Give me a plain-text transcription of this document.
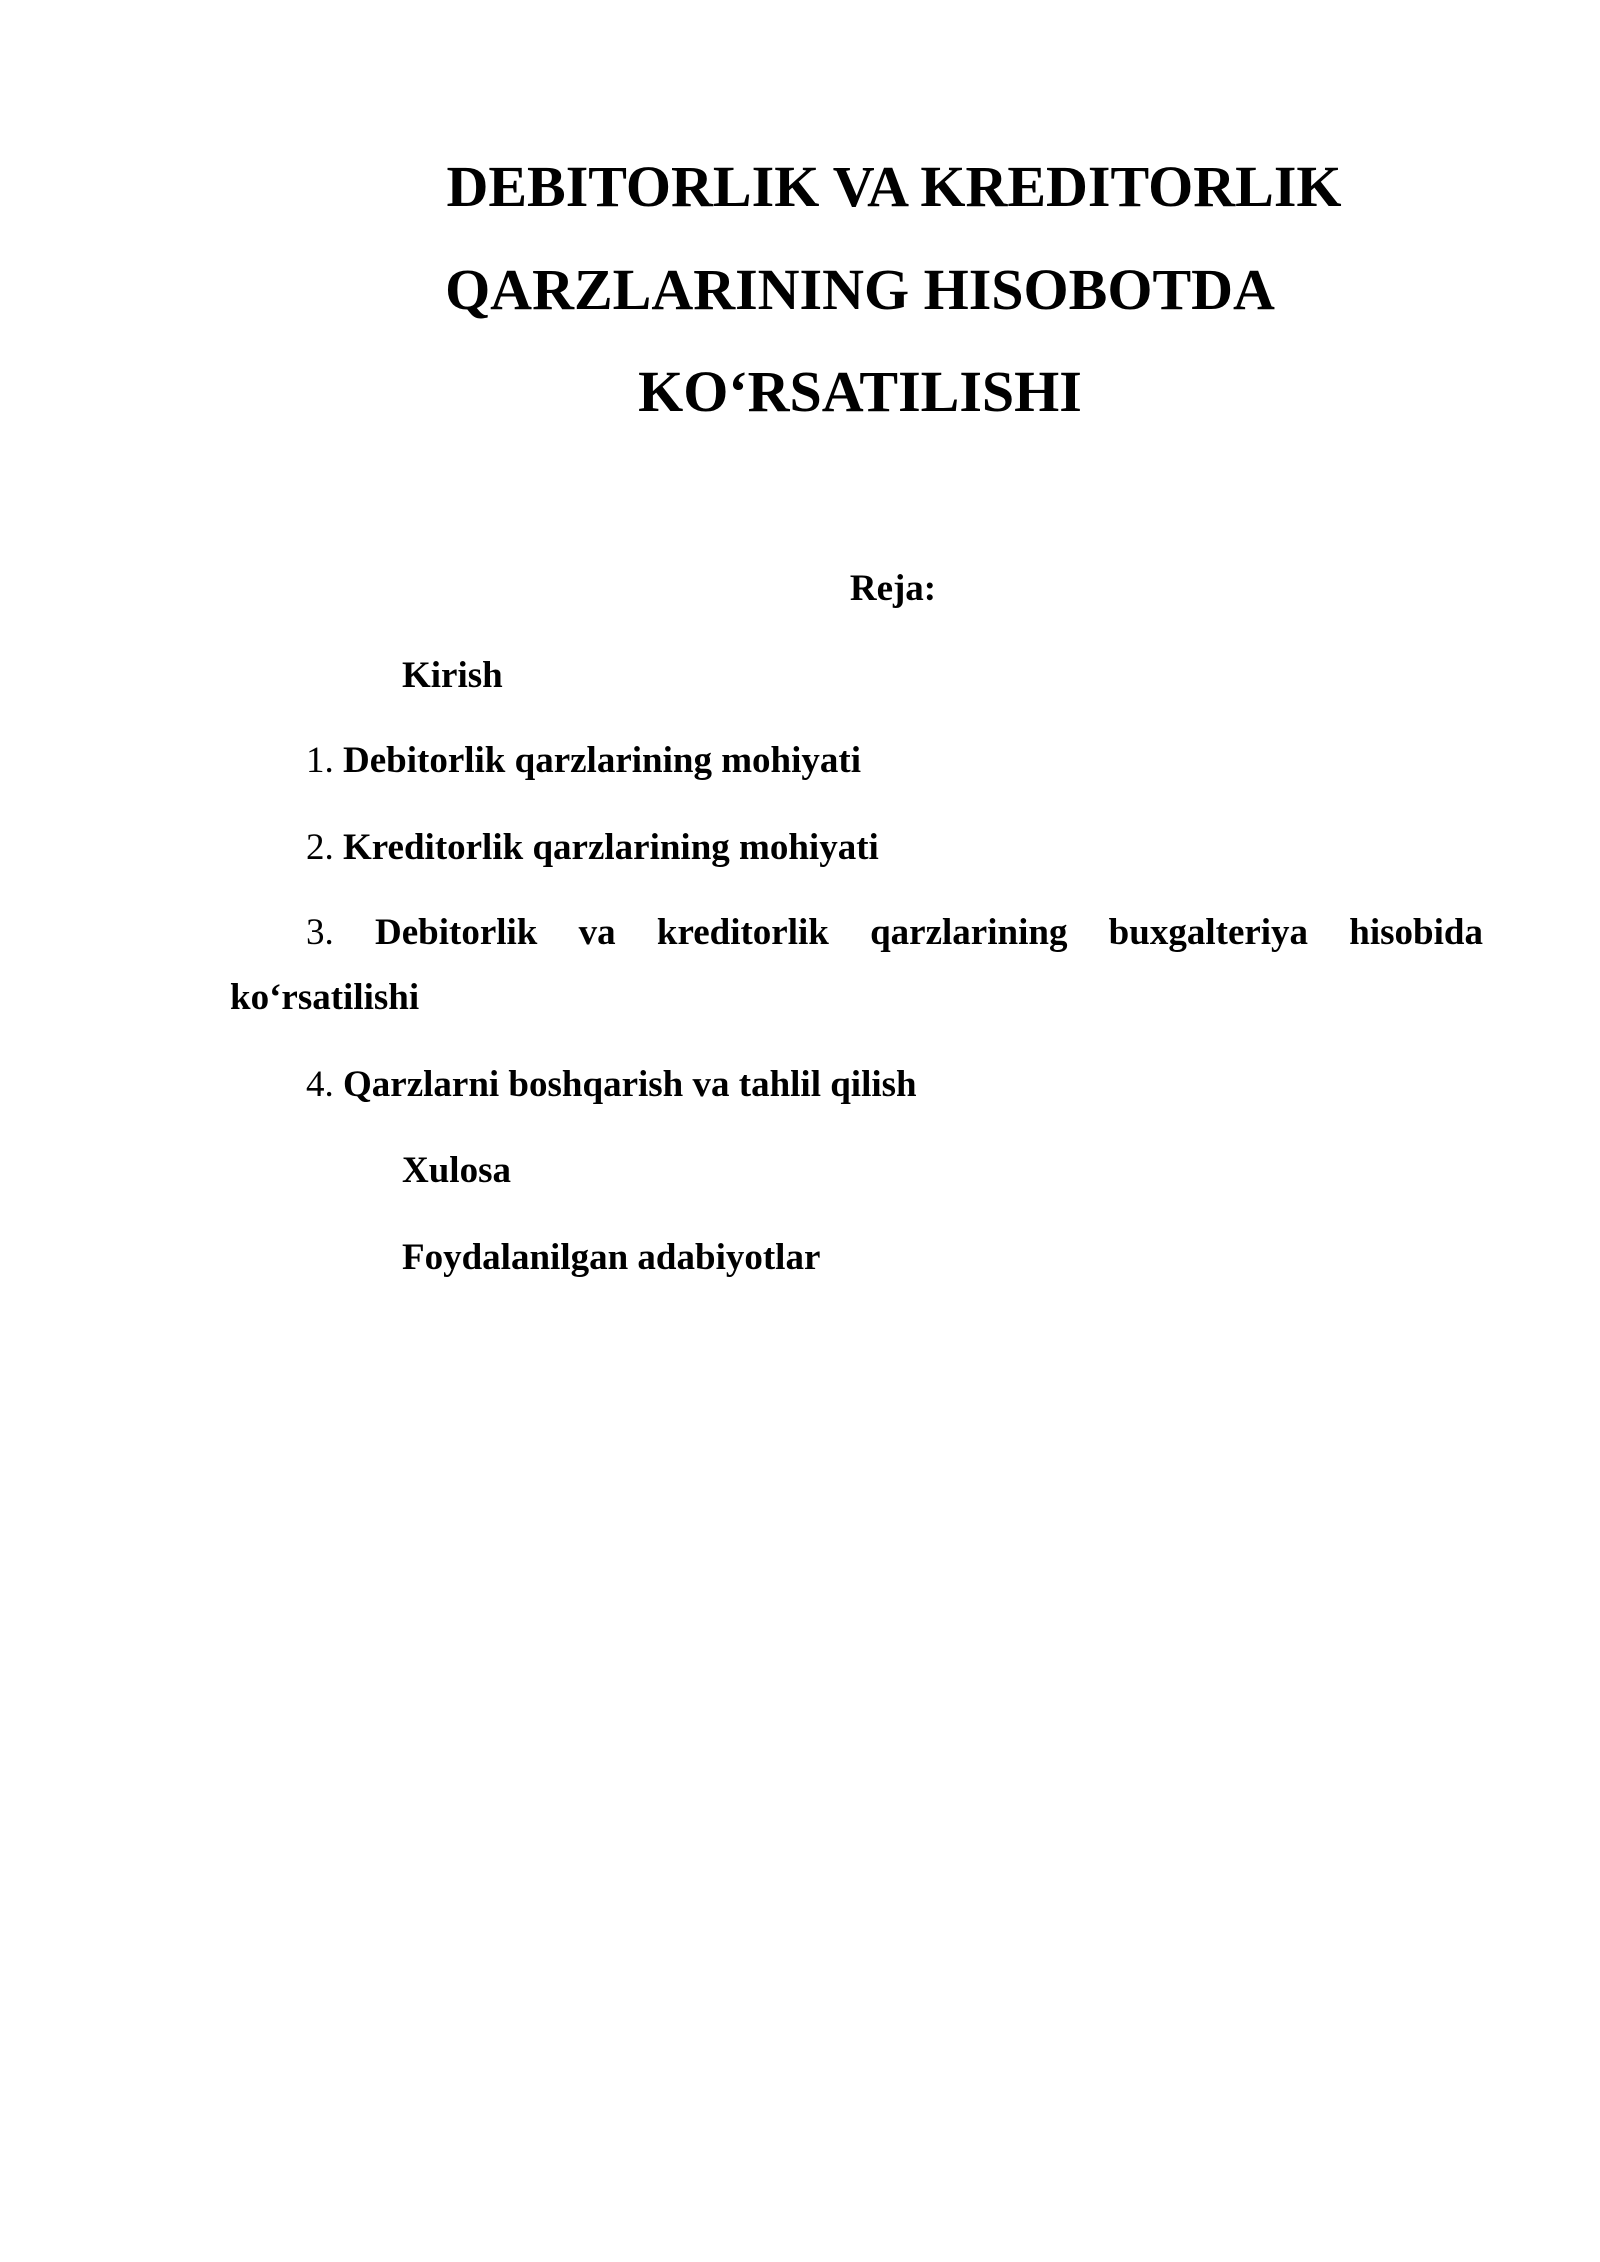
DEBITORLIK VA KREDITORLIK
QARZLARINING HISOBOTDA
KO‘RSATILISHI
Reja:
Kirish
1. Debitorlik qarzlarining mohiyati
2. Kreditorlik qarzlarining mohiyati
3. Debitorlik va kreditorlik qarzlarining buxgalteriya hisobida ko‘rsatilishi
4. Qarzlarni boshqarish va tahlil qilish
Xulosa
Foydalanilgan adabiyotlar
